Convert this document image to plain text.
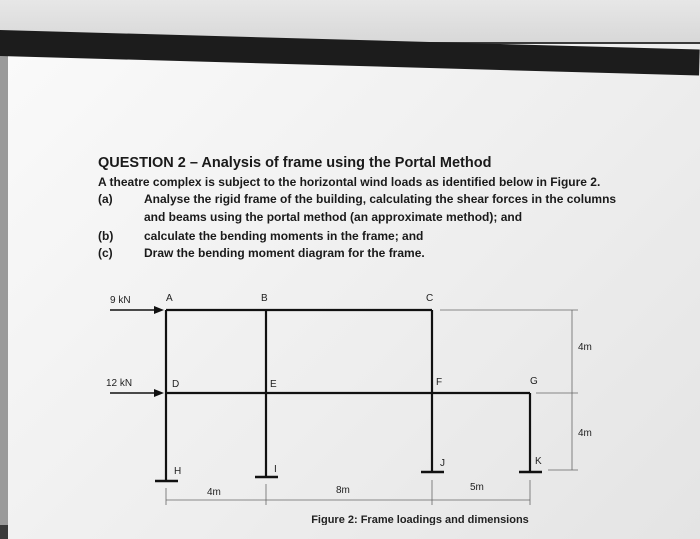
QUESTION 2 – Analysis of frame using the Portal Method
A theatre complex is subject to the horizontal wind loads as identified below in Figure 2.
(a)	Analyse the rigid frame of the building, calculating the shear forces in the columns
and beams using the portal method (an approximate method); and
(b)	calculate the bending moments in the frame; and
(c)	Draw the bending moment diagram for the frame.
9 kN
12 kN
A	B	C
D	E	F	G
H	I
J	K
4m	8m	5m
4m
4m
Figure 2: Frame loadings and dimensions
